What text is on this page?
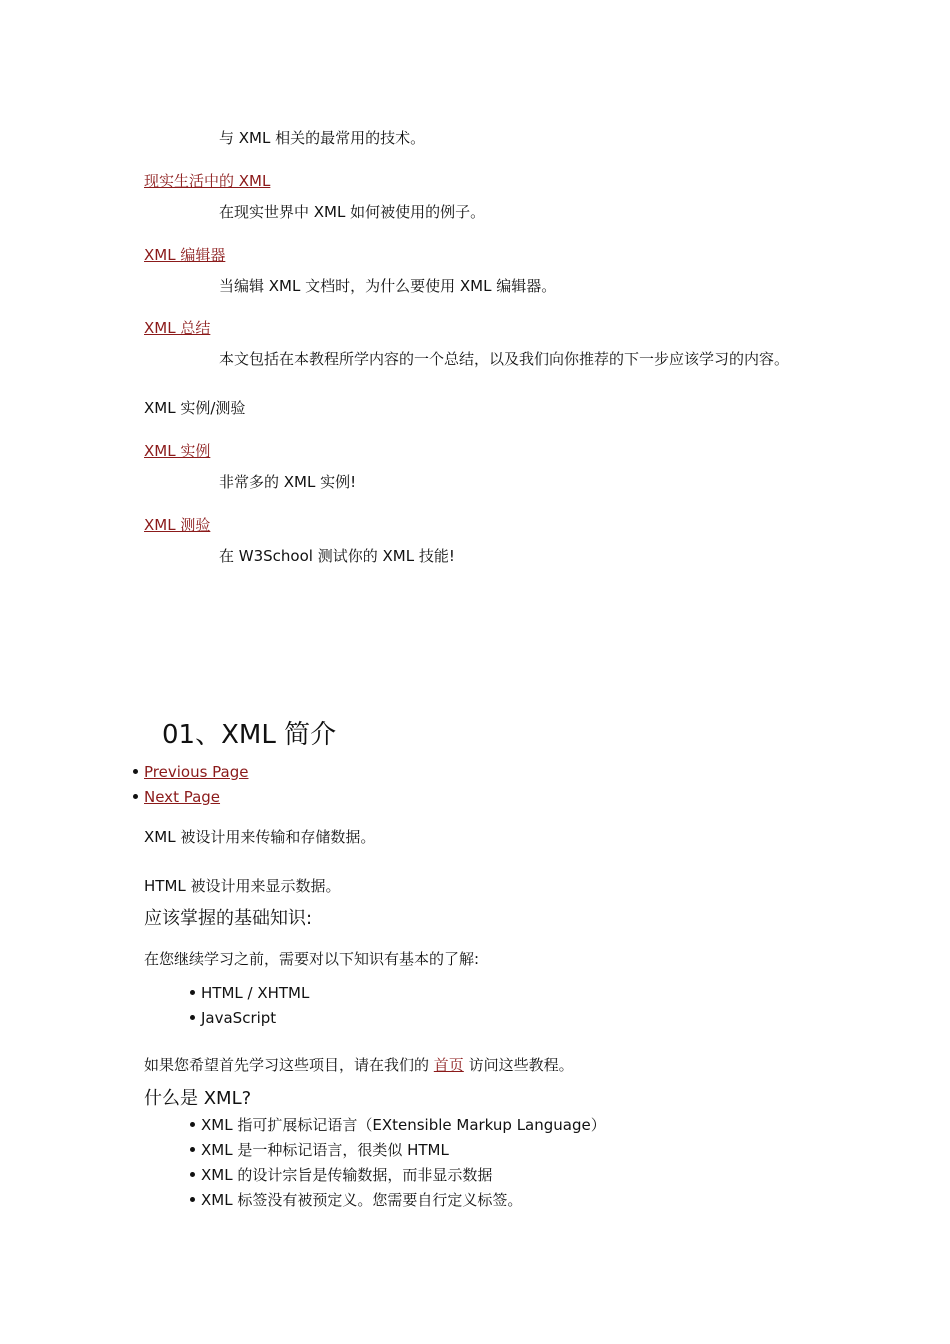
与 XML 相关的最常用的技术。
现实生活中的 XML
在现实世界中 XML 如何被使用的例子。
XML 编辑器
当编辑 XML 文档时，为什么要使用 XML 编辑器。
XML 总结
本文包括在本教程所学内容的一个总结，以及我们向你推荐的下一步应该学习的内容。
XML 实例/测验
XML 实例
非常多的 XML 实例!
XML 测验
在 W3School 测试你的 XML 技能!
01、XML 简介
Previous Page
Next Page
XML 被设计用来传输和存储数据。
HTML 被设计用来显示数据。
应该掌握的基础知识:
在您继续学习之前，需要对以下知识有基本的了解:
HTML / XHTML
JavaScript
如果您希望首先学习这些项目，请在我们的 首页 访问这些教程。
什么是 XML?
XML 指可扩展标记语言（EXtensible Markup Language）
XML 是一种标记语言，很类似 HTML
XML 的设计宗旨是传输数据，而非显示数据
XML 标签没有被预定义。您需要自行定义标签。
